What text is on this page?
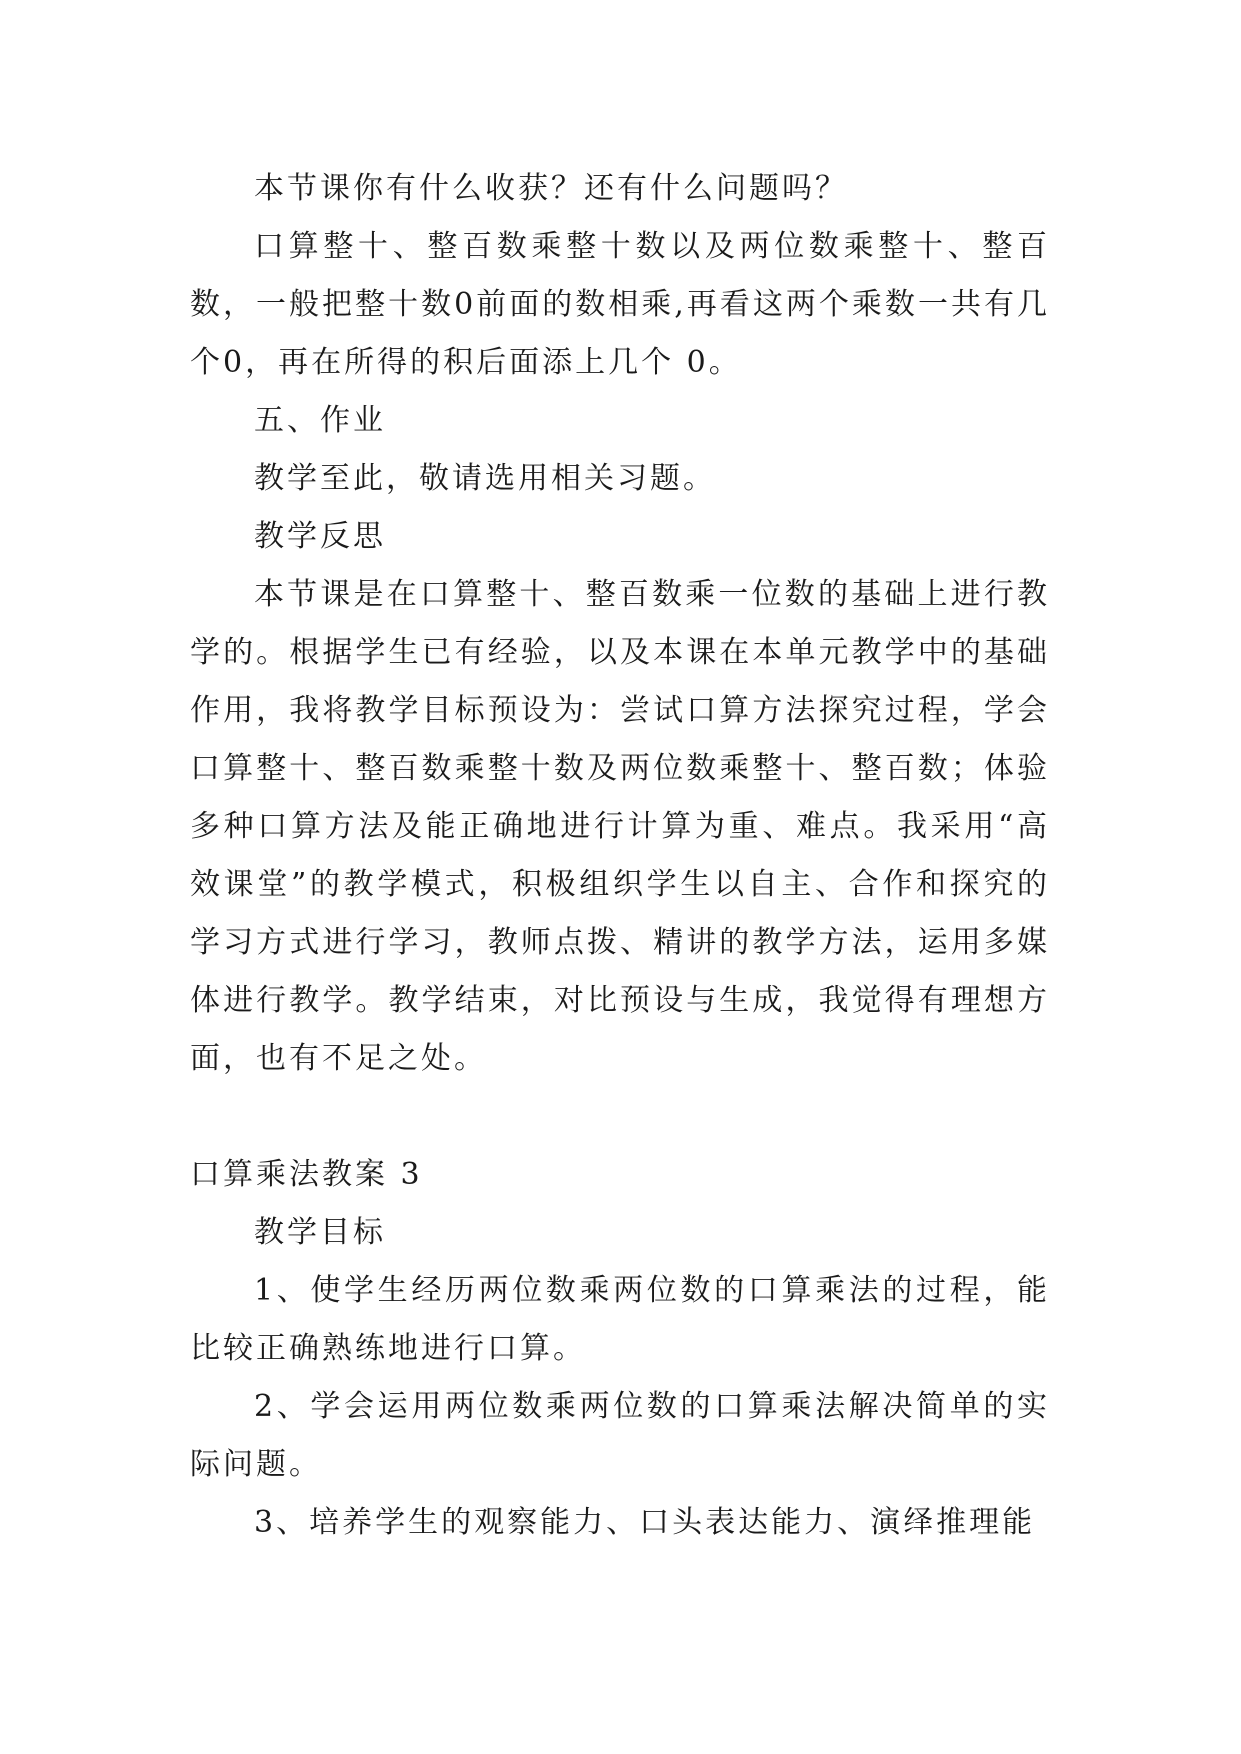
本节课你有什么收获？还有什么问题吗？

口算整十、整百数乘整十数以及两位数乘整十、整百数，一般把整十数0前面的数相乘,再看这两个乘数一共有几个0，再在所得的积后面添上几个 0。

五、作业

教学至此，敬请选用相关习题。

教学反思

本节课是在口算整十、整百数乘一位数的基础上进行教学的。根据学生已有经验，以及本课在本单元教学中的基础作用，我将教学目标预设为：尝试口算方法探究过程，学会口算整十、整百数乘整十数及两位数乘整十、整百数；体验多种口算方法及能正确地进行计算为重、难点。我采用“高效课堂”的教学模式，积极组织学生以自主、合作和探究的学习方式进行学习，教师点拨、精讲的教学方法，运用多媒体进行教学。教学结束，对比预设与生成，我觉得有理想方面，也有不足之处。

口算乘法教案 3

教学目标

1、使学生经历两位数乘两位数的口算乘法的过程，能比较正确熟练地进行口算。

2、学会运用两位数乘两位数的口算乘法解决简单的实际问题。

3、培养学生的观察能力、口头表达能力、演绎推理能
